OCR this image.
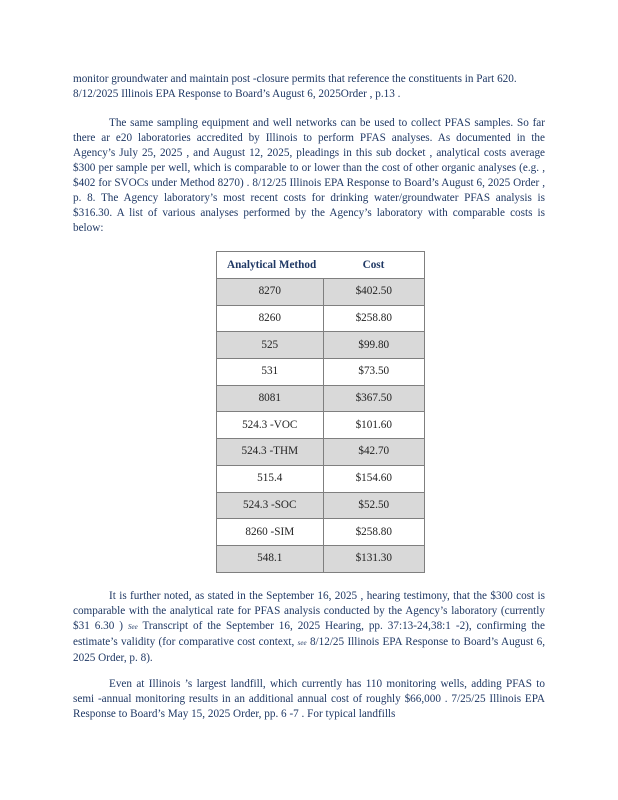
monitor groundwater and maintain post -closure permits that reference the constituents in Part 620. 8/12/2025 Illinois EPA Response to Board’s August 6, 2025Order , p.13 .

The same sampling equipment and well networks can be used to collect PFAS samples. So far there ar e20 laboratories accredited by Illinois to perform PFAS analyses. As documented in the Agency’s July 25, 2025 , and August 12, 2025, pleadings in this sub docket , analytical costs average $300 per sample per well, which is comparable to or lower than the cost of other organic analyses (e.g. , $402 for SVOCs under Method 8270) . 8/12/25 Illinois EPA Response to Board’s August 6, 2025 Order , p. 8. The Agency laboratory’s most recent costs for drinking water/groundwater PFAS analysis is $316.30. A list of various analyses performed by the Agency’s laboratory with comparable costs is below:

Analytical Method	Cost
8270	$402.50
8260	$258.80
525	$99.80
531	$73.50
8081	$367.50
524.3 -VOC	$101.60
524.3 -THM	$42.70
515.4	$154.60
524.3 -SOC	$52.50
8260 -SIM	$258.80
548.1	$131.30

It is further noted, as stated in the September 16, 2025 , hearing testimony, that the $300 cost is comparable with the analytical rate for PFAS analysis conducted by the Agency’s laboratory (currently $31 6.30 ) See Transcript of the September 16, 2025 Hearing, pp. 37:13-24,38:1 -2), confirming the estimate’s validity (for comparative cost context, see 8/12/25 Illinois EPA Response to Board’s August 6, 2025 Order, p. 8).

Even at Illinois ’s largest landfill, which currently has 110 monitoring wells, adding PFAS to semi -annual monitoring results in an additional annual cost of roughly $66,000 . 7/25/25 Illinois EPA Response to Board’s May 15, 2025 Order, pp. 6 -7 . For typical landfills
